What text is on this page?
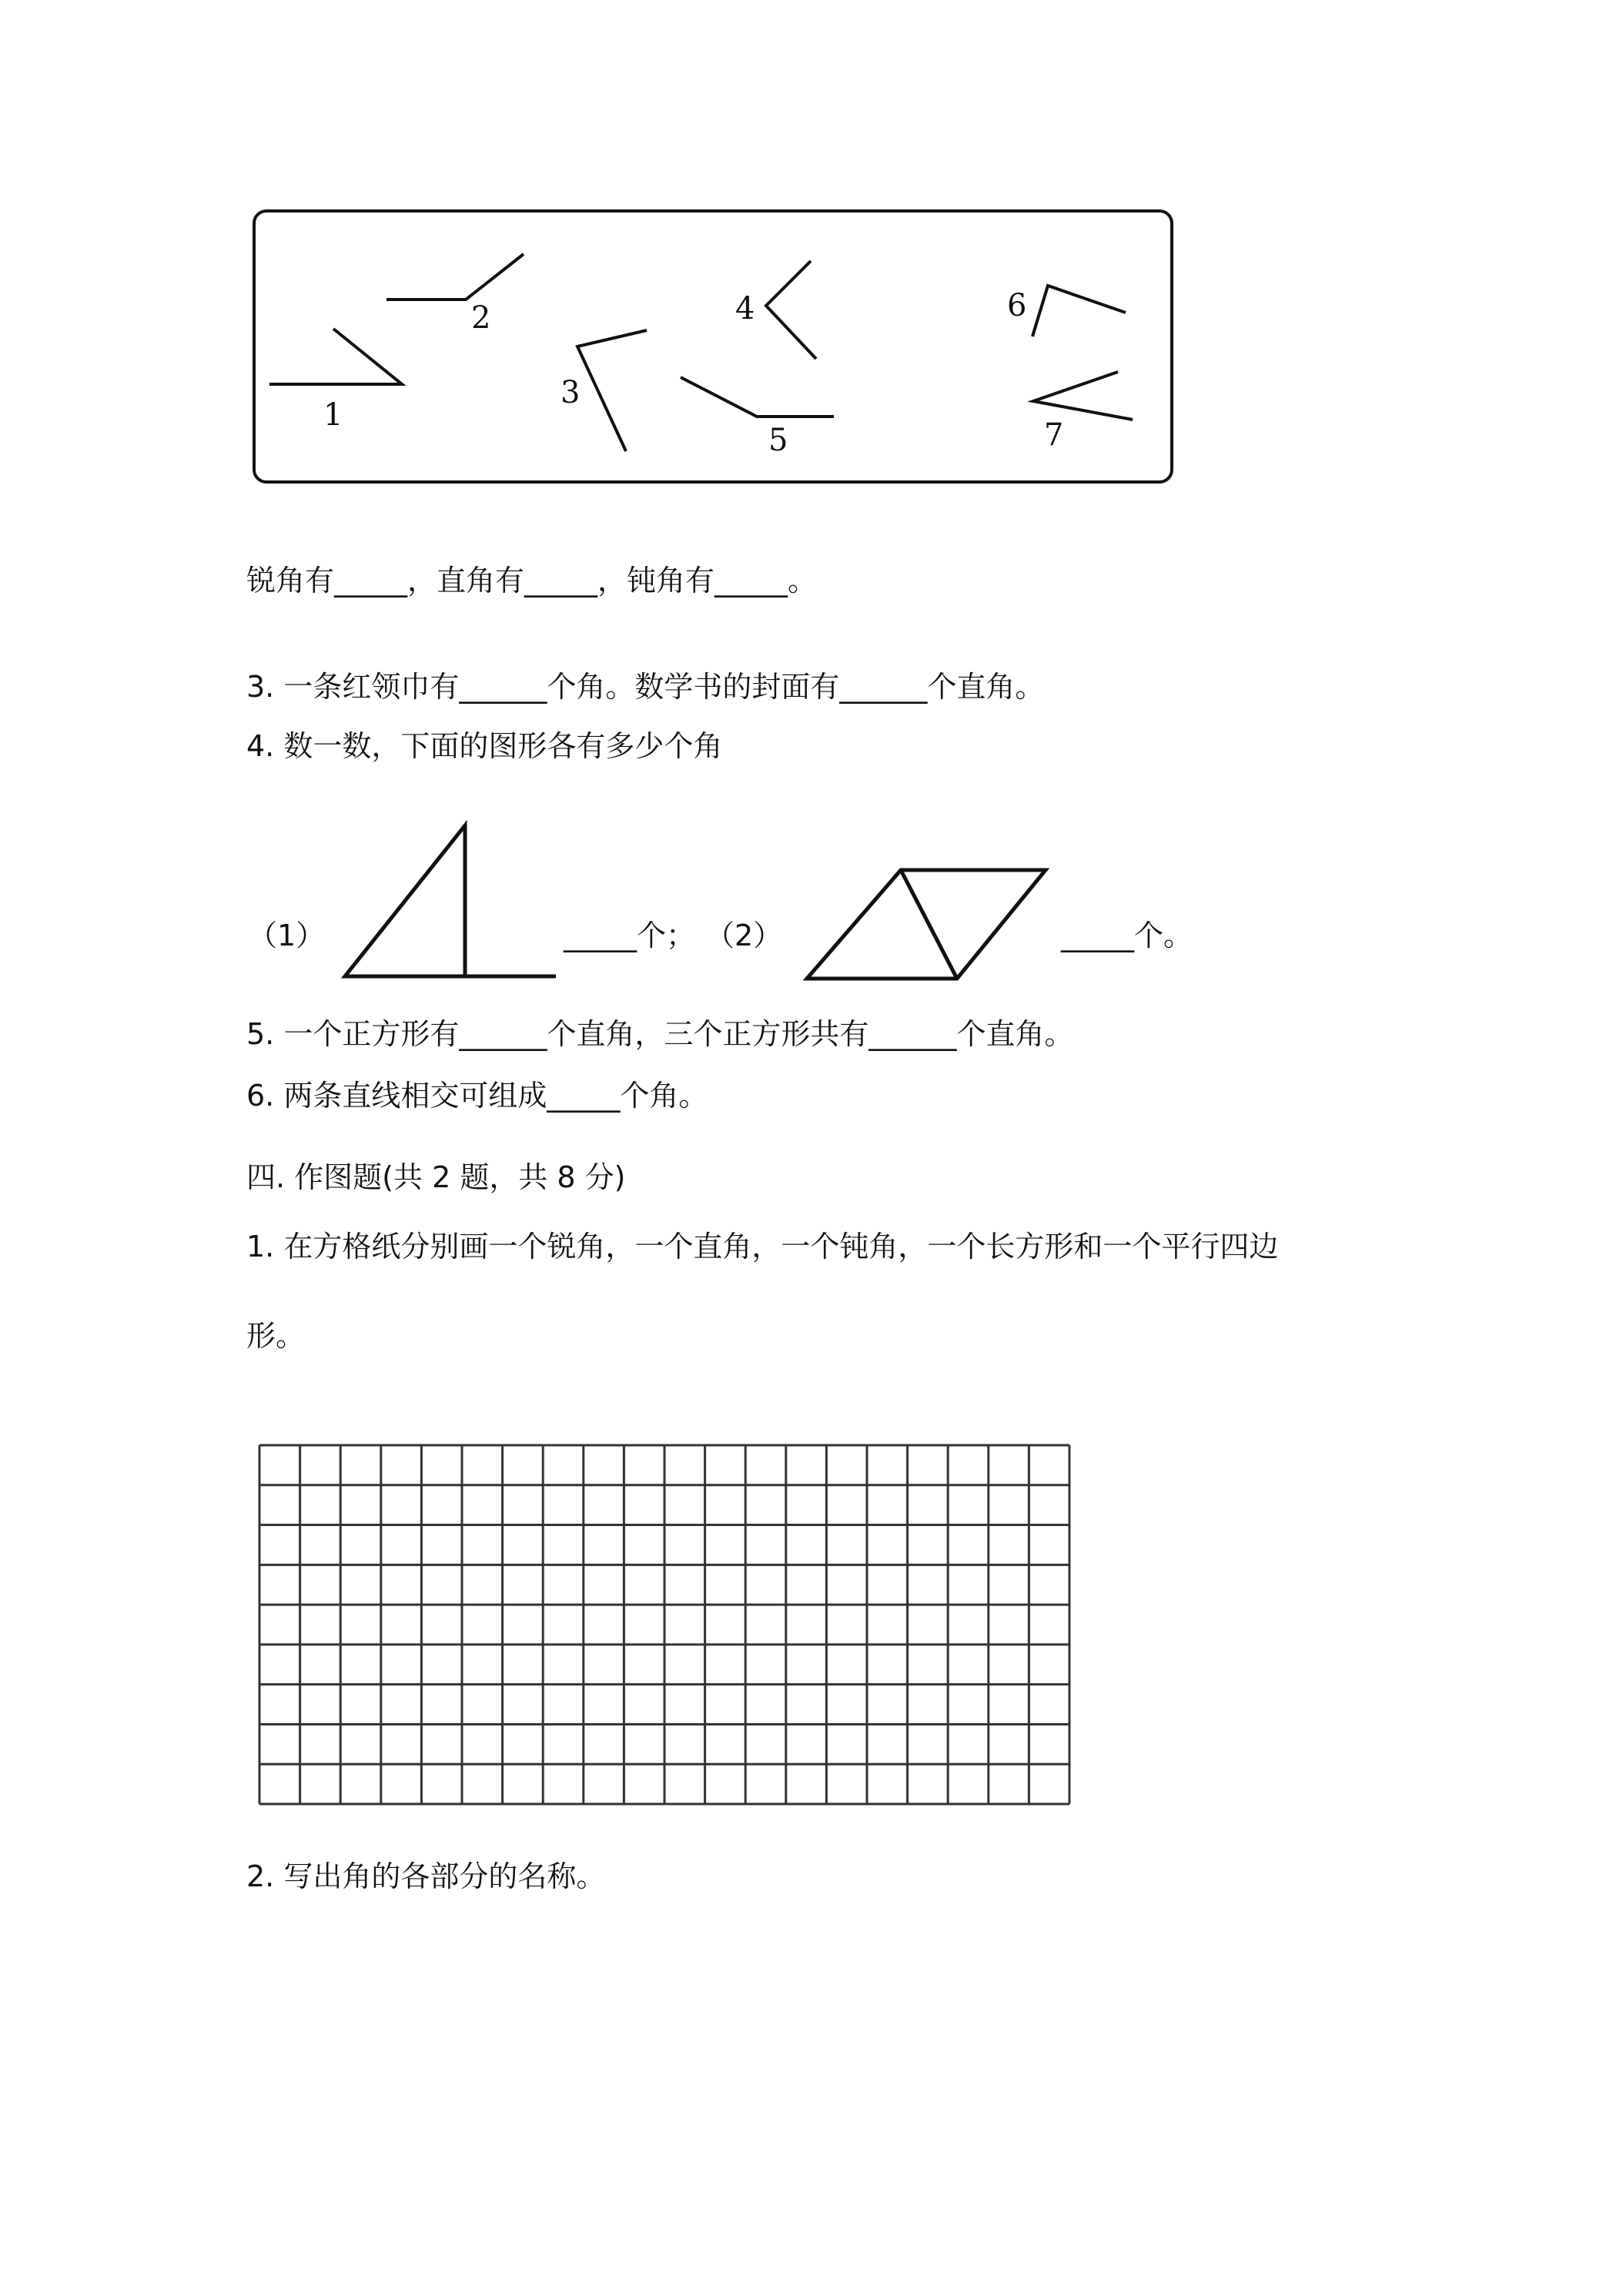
1
2
3
4
5
6
7
锐角有_____，直角有_____，钝角有_____。
3. 一条红领巾有______个角。数学书的封面有______个直角。
4. 数一数，下面的图形各有多少个角
（1）	_____个； （2）	_____个。
5. 一个正方形有______个直角，三个正方形共有______个直角。
6. 两条直线相交可组成_____个角。
四. 作图题(共 2 题，共 8 分)
1. 在方格纸分别画一个锐角，一个直角，一个钝角，一个长方形和一个平行四边
形。
2. 写出角的各部分的名称。
